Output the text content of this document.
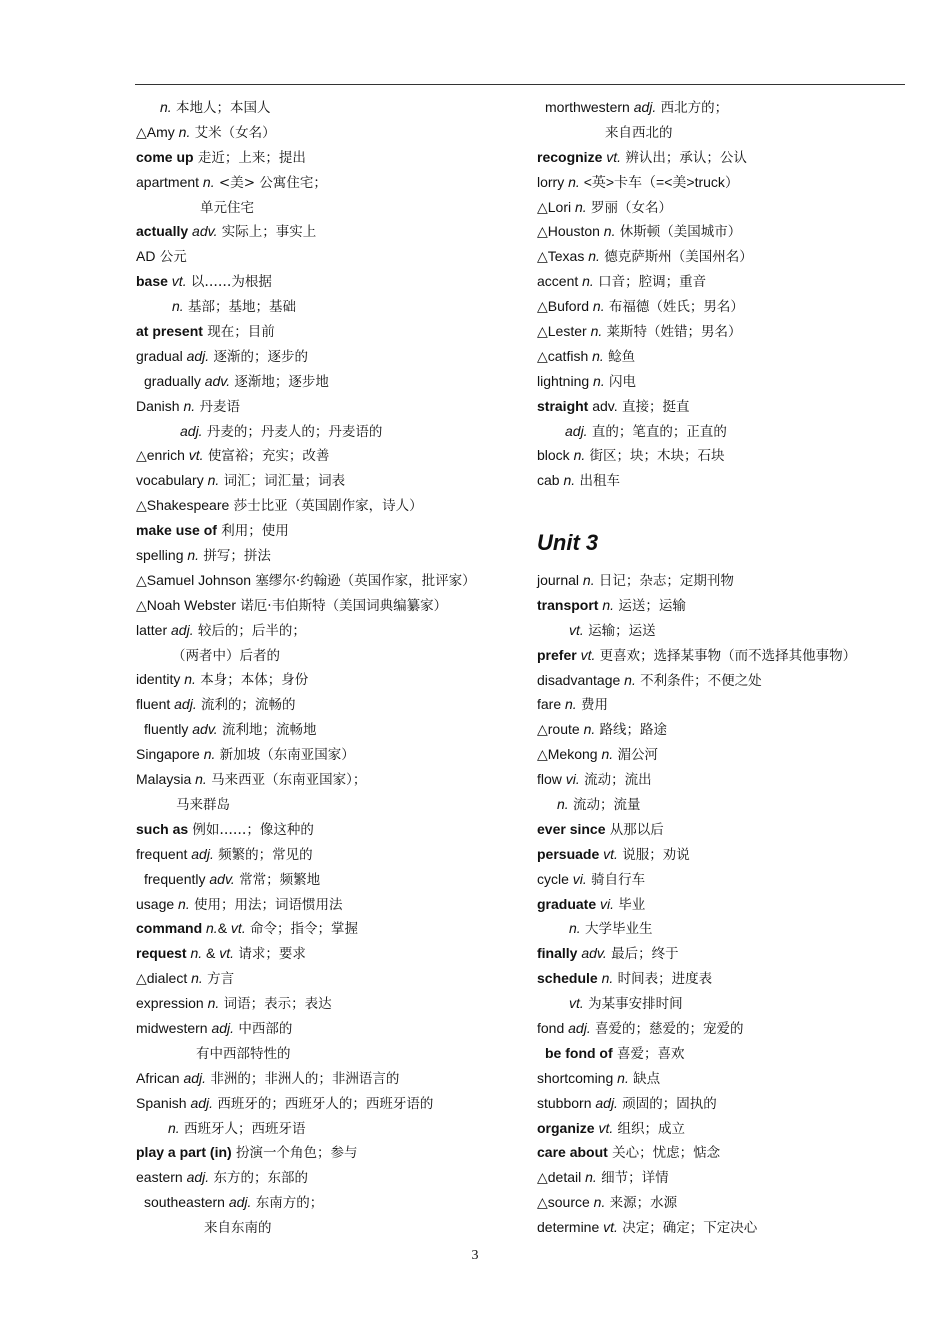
n. 本地人；本国人
△Amy n. 艾米（女名）
come up 走近；上来；提出
apartment n. <美> 公寓住宅；
单元住宅
actually adv. 实际上；事实上
AD 公元
base vt. 以……为根据
n. 基部；基地；基础
at present 现在；目前
gradual adj. 逐渐的；逐步的
gradually adv. 逐渐地；逐步地
Danish n. 丹麦语
adj. 丹麦的；丹麦人的；丹麦语的
△enrich vt. 使富裕；充实；改善
vocabulary n. 词汇；词汇量；词表
△Shakespeare 莎士比亚（英国剧作家，诗人）
make use of 利用；使用
spelling n. 拼写；拼法
△Samuel Johnson 塞缪尔·约翰逊（英国作家，批评家）
△Noah Webster 诺厄·韦伯斯特（美国词典编纂家）
latter adj. 较后的；后半的；
（两者中）后者的
identity n. 本身；本体；身份
fluent adj. 流利的；流畅的
fluently adv. 流利地；流畅地
Singapore n. 新加坡（东南亚国家）
Malaysia n. 马来西亚（东南亚国家）；
马来群岛
such as 例如……；像这种的
frequent adj. 频繁的；常见的
frequently adv. 常常；频繁地
usage n. 使用；用法；词语惯用法
command n.& vt. 命令；指令；掌握
request n. & vt. 请求；要求
△dialect n. 方言
expression n. 词语；表示；表达
midwestern adj. 中西部的
有中西部特性的
African adj. 非洲的；非洲人的；非洲语言的
Spanish adj. 西班牙的；西班牙人的；西班牙语的
n. 西班牙人；西班牙语
play a part (in) 扮演一个角色；参与
eastern adj. 东方的；东部的
southeastern adj. 东南方的；
来自东南的
morthwestern adj. 西北方的；
来自西北的
recognize vt. 辨认出；承认；公认
lorry n. <英>卡车（=<美>truck）
△Lori n. 罗丽（女名）
△Houston n. 休斯顿（美国城市）
△Texas n. 德克萨斯州（美国州名）
accent n. 口音；腔调；重音
△Buford n. 布福德（姓氏；男名）
△Lester n. 莱斯特（姓错；男名）
△catfish n. 鲶鱼
lightning n. 闪电
straight adv. 直接；挺直
adj. 直的；笔直的；正直的
block n. 街区；块；木块；石块
cab n. 出租车
Unit 3
journal n. 日记；杂志；定期刊物
transport n. 运送；运输
vt. 运输；运送
prefer vt. 更喜欢；选择某事物（而不选择其他事物）
disadvantage n. 不利条件；不便之处
fare n. 费用
△route n. 路线；路途
△Mekong n. 湄公河
flow vi. 流动；流出
n. 流动；流量
ever since 从那以后
persuade vt. 说服；劝说
cycle vi. 骑自行车
graduate vi. 毕业
n. 大学毕业生
finally adv. 最后；终于
schedule n. 时间表；进度表
vt. 为某事安排时间
fond adj. 喜爱的；慈爱的；宠爱的
be fond of 喜爱；喜欢
shortcoming n. 缺点
stubborn adj. 顽固的；固执的
organize vt. 组织；成立
care about 关心；忧虑；惦念
△detail n. 细节；详情
△source n. 来源；水源
determine vt. 决定；确定；下定决心
3
